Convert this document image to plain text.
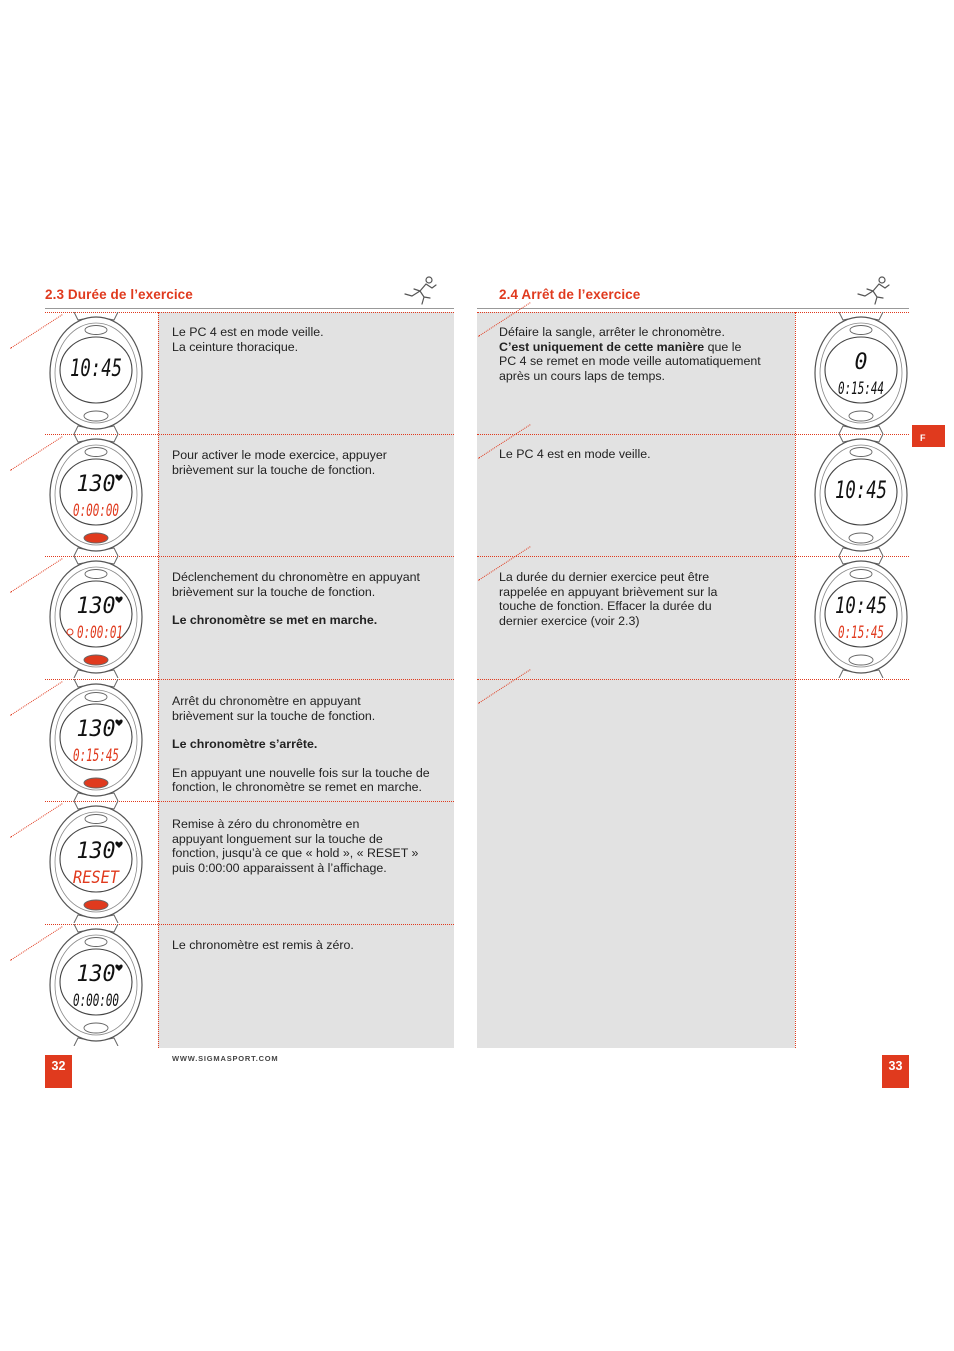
2.3 Durée de l’exercice

Le PC 4 est en mode veille.

La ceinture thoracique.

Pour activer le mode exercice, appuyer

brièvement sur la touche de fonction.

Déclenchement du chronomètre en appuyant

brièvement sur la touche de fonction.

Le chronomètre se met en marche.

Arrêt du chronomètre en appuyant

brièvement sur la touche de fonction.

Le chronomètre s’arrête.

En appuyant une nouvelle fois sur la touche de

fonction, le chronomètre se remet en marche.

Remise à zéro du chronomètre en

appuyant longuement sur la touche de

fonction, jusqu’à ce que « hold », « RESET »

puis 0:00:00 apparaissent à l’affichage.

Le chronomètre est remis à zéro.

10:45
130
0:00:00
130
0:00:01
130
0:15:45
130
RESET
130
0:00:00
32
WWW.SIGMASPORT.COM
2.4 Arrêt de l’exercice

Défaire la sangle, arrêter le chronomètre.

C’est uniquement de cette manière que le

PC 4 se remet en mode veille automatiquement

après un cours laps de temps.

Le PC 4 est en mode veille.

La durée du dernier exercice peut être

rappelée en appuyant brièvement sur la

touche de fonction. Effacer la durée du

dernier exercice (voir 2.3)

0
0:15:44
10:45
10:45
0:15:45
F
33
